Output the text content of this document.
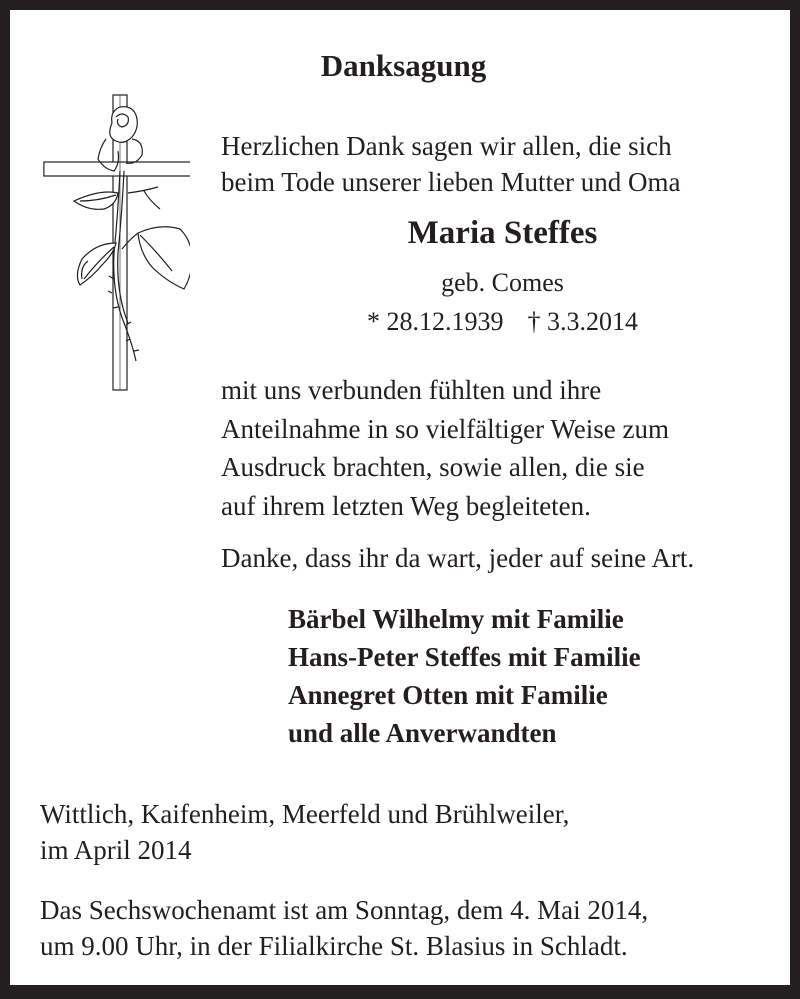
Danksagung
Herzlichen Dank sagen wir allen, die sich
beim Tode unserer lieben Mutter und Oma
Maria Steffes
geb. Comes
* 28.12.1939 † 3.3.2014
mit uns verbunden fühlten und ihre
Anteilnahme in so vielfältiger Weise zum
Ausdruck brachten, sowie allen, die sie
auf ihrem letzten Weg begleiteten.
Danke, dass ihr da wart, jeder auf seine Art.
Bärbel Wilhelmy mit Familie
Hans-Peter Steffes mit Familie
Annegret Otten mit Familie
und alle Anverwandten
Wittlich, Kaifenheim, Meerfeld und Brühlweiler,
im April 2014
Das Sechswochenamt ist am Sonntag, dem 4. Mai 2014,
um 9.00 Uhr, in der Filialkirche St. Blasius in Schladt.
